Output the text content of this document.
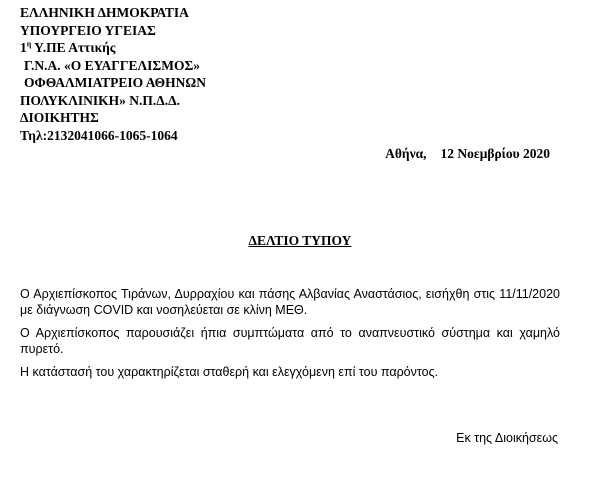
ΕΛΛΗΝΙΚΗ ΔΗΜΟΚΡΑΤΙΑ
ΥΠΟΥΡΓΕΙΟ ΥΓΕΙΑΣ
$1^\eta$ Υ.ΠΕ Αττικής
Γ.Ν.Α. «Ο ΕΥΑΓΓΕΛΙΣΜΟΣ»
ΟΦΘΑΛΜΙΑΤΡΕΙΟ ΑΘΗΝΩΝ
ΠΟΛΥΚΛΙΝΙΚΗ» Ν.Π.Δ.Δ.
ΔΙΟΙΚΗΤΗΣ
Τηλ:2132041066-1065-1064
Αθήνα, 12 Νοεμβρίου 2020
ΔΕΛΤΙΟ ΤΥΠΟΥ

Ο Αρχιεπίσκοπος Τιράνων, Δυρραχίου και πάσης Αλβανίας Αναστάσιος, εισήχθη στις 11/11/2020 με διάγνωση COVID και νοσηλεύεται σε κλίνη ΜΕΘ.

Ο Αρχιεπίσκοπος παρουσιάζει ήπια συμπτώματα από το αναπνευστικό σύστημα και χαμηλό πυρετό.

Η κατάστασή του χαρακτηρίζεται σταθερή και ελεγχόμενη επί του παρόντος.

Εκ της Διοικήσεως
